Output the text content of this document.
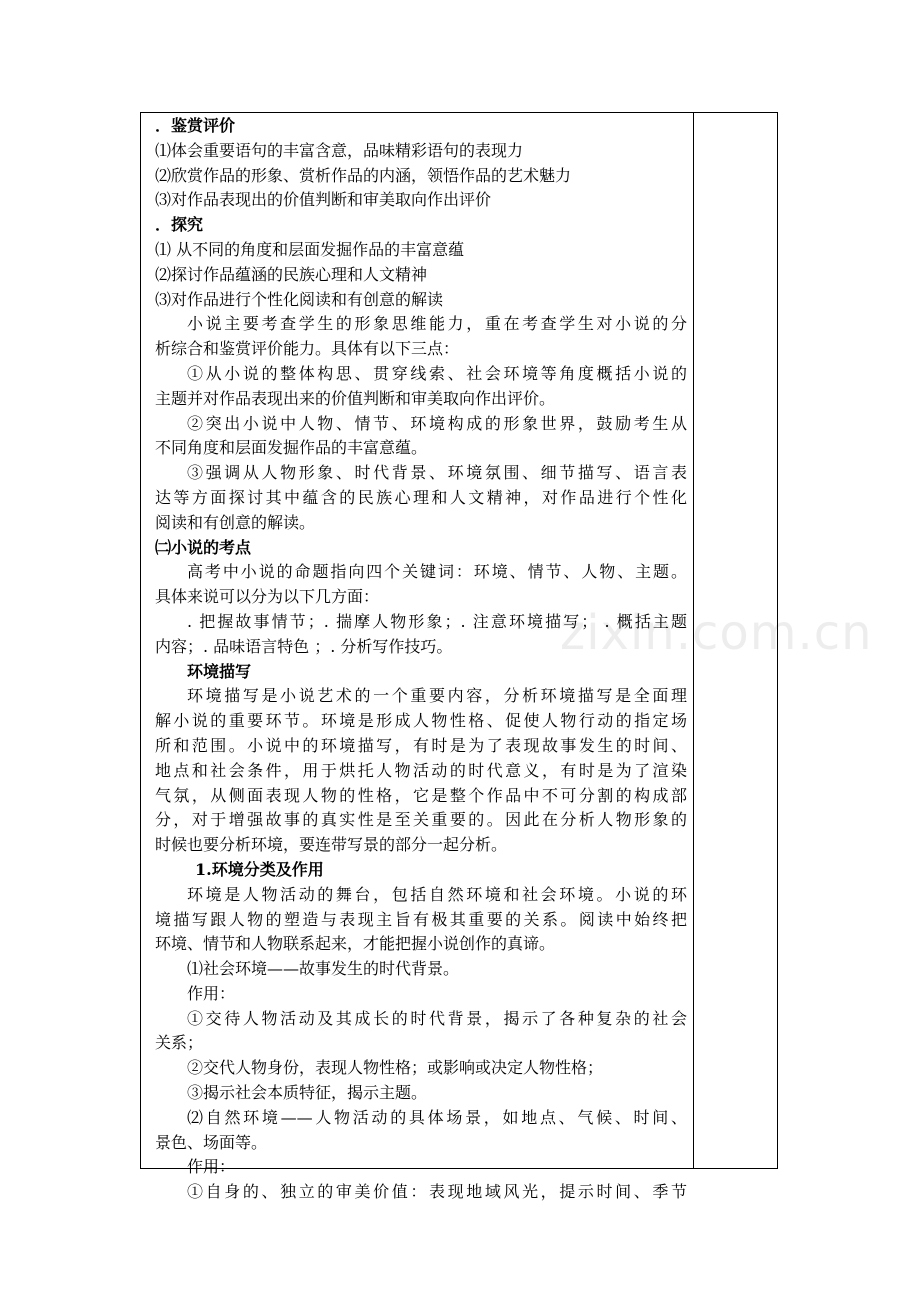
zixin.com.cn
．鉴赏评价
⑴体会重要语句的丰富含意，品味精彩语句的表现力
⑵欣赏作品的形象、赏析作品的内涵，领悟作品的艺术魅力
⑶对作品表现出的价值判断和审美取向作出评价
．探究
⑴ 从不同的角度和层面发掘作品的丰富意蕴
⑵探讨作品蕴涵的民族心理和人文精神
⑶对作品进行个性化阅读和有创意的解读
小说主要考查学生的形象思维能力，重在考查学生对小说的分
析综合和鉴赏评价能力。具体有以下三点：
①从小说的整体构思、贯穿线索、社会环境等角度概括小说的
主题并对作品表现出来的价值判断和审美取向作出评价。
②突出小说中人物、情节、环境构成的形象世界，鼓励考生从
不同角度和层面发掘作品的丰富意蕴。
③强调从人物形象、时代背景、环境氛围、细节描写、语言表
达等方面探讨其中蕴含的民族心理和人文精神，对作品进行个性化
阅读和有创意的解读。
㈡小说的考点
高考中小说的命题指向四个关键词：环境、情节、人物、主题。
具体来说可以分为以下几方面：
. 把握故事情节；. 揣摩人物形象；. 注意环境描写； . 概括主题
内容；. 品味语言特色 ；. 分析写作技巧。
环境描写
环境描写是小说艺术的一个重要内容，分析环境描写是全面理
解小说的重要环节。环境是形成人物性格、促使人物行动的指定场
所和范围。小说中的环境描写，有时是为了表现故事发生的时间、
地点和社会条件，用于烘托人物活动的时代意义，有时是为了渲染
气氛，从侧面表现人物的性格，它是整个作品中不可分割的构成部
分，对于增强故事的真实性是至关重要的。因此在分析人物形象的
时候也要分析环境，要连带写景的部分一起分析。
1.环境分类及作用
环境是人物活动的舞台，包括自然环境和社会环境。小说的环
境描写跟人物的塑造与表现主旨有极其重要的关系。阅读中始终把
环境、情节和人物联系起来，才能把握小说创作的真谛。
⑴社会环境——故事发生的时代背景。
作用：
①交待人物活动及其成长的时代背景，揭示了各种复杂的社会
关系；
②交代人物身份，表现人物性格；或影响或决定人物性格；
③揭示社会本质特征，揭示主题。
⑵自然环境——人物活动的具体场景，如地点、气候、时间、
景色、场面等。
作用：
①自身的、独立的审美价值：表现地域风光，提示时间、季节
